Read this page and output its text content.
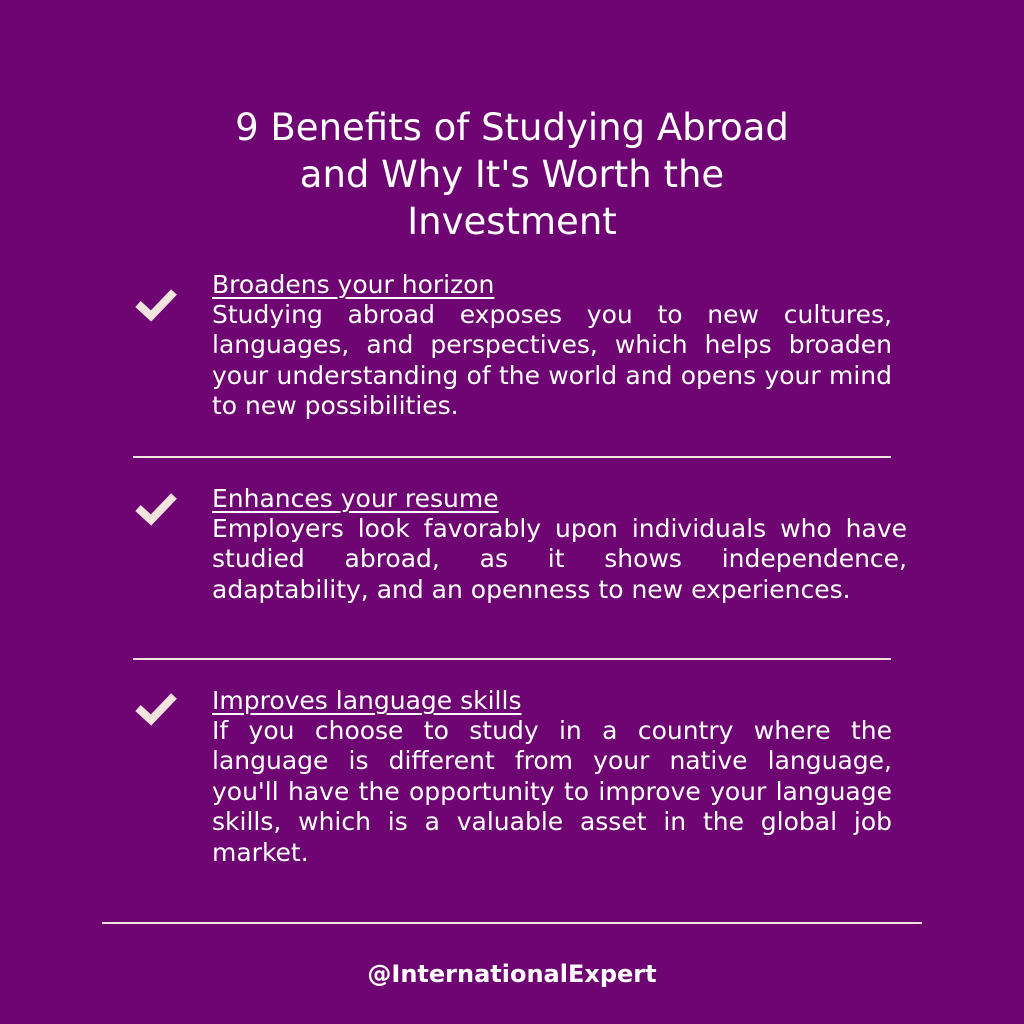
9 Benefits of Studying Abroad
and Why It's Worth the
Investment
Broadens your horizon

Studying abroad exposes you to new cultures, languages, and perspectives, which helps broaden your understanding of the world and opens your mind to new possibilities.

Enhances your resume

Employers look favorably upon individuals who have studied abroad, as it shows independence, adaptability, and an openness to new experiences.

Improves language skills

If you choose to study in a country where the language is different from your native language, you'll have the opportunity to improve your language skills, which is a valuable asset in the global job market.

@InternationalExpert
